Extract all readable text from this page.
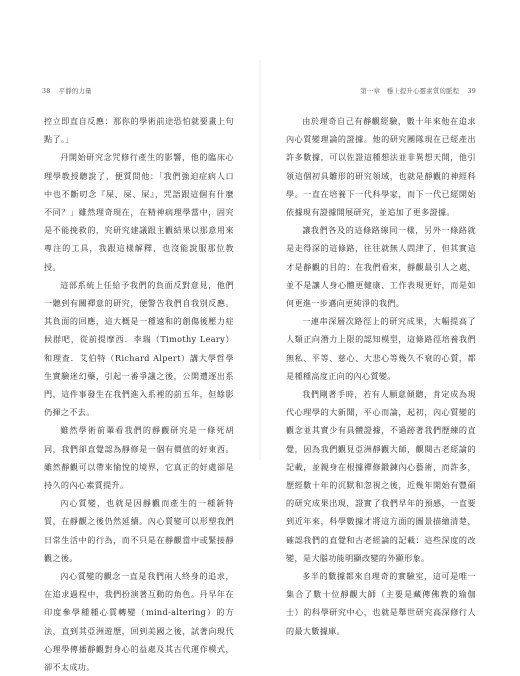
38 平靜的力量

控立即直自反應：那你的學術前途恐怕就要畫上句點了。」

丹開始研究念咒修行產生的影響，他的臨床心理學教授聽說了，便質問他：「我們強迫症病人口中也不斷叨念『屎、屎、屎』，咒語跟這個有什麼不同？」雖然理奇現在，在精神病理學當中，固究是不能挽救的，究研究建議跟主觀結果以那意用來專注的工具，我跟這樣解釋，也沒能說服那位教授。

這部系統上任給予我們的負面反對意見，他們一聽到有關禪意的研究，便警告我們自我別反應。其負面的回應，這大概是一種遠和的創傷後壓力症候群吧，從前提摩西．李瑞（Timothy Leary）和理查．艾伯特（Richard Alpert）講大學哲學生實驗迷幻藥，引起一番爭議之後，公開遭逐出系門，這件事發生在我們進入系裡的前五年，但餘影仍揮之不去。

雖然學術前輩看我們的靜觀研究是一條死胡同，我們卻直覺認為靜修是一個有價值的好東西。雖然靜觀可以帶來愉悅的境界，它真正的好處卻是持久的內心素質提升。

內心質變，也就是因靜觀而產生的一種新特質，在靜觀之後仍然延續。內心質變可以形塑我們日常生活中的行為，而不只是在靜觀當中或緊接靜觀之後。

內心質變的觀念一直是我們兩人終身的追求，在追求過程中，我們扮演著互動的角色。丹早年在印度參學種種心質轉變（mind-altering）的方法，直到其亞洲遊歷，回到美國之後，試著向現代心理學傳播靜觀對身心的益處及其古代運作模式，卻不太成功。

第一章　穩上提升心靈素質的脈程 39

由於理奇自己有靜觀經驗，數十年來他在追求內心質變理論的證據。他的研究團隊現在已經產出許多數據，可以佐證這種想法並非異想天開，他引領這個初具雛形的研究領域，也就是靜觀的神經科學。一直在培養下一代科學家，而下一代已經開始依據現有證據開展研究，並追加了更多證據。

讓我們各及的這條路線同一樣，另外一條路就是走得深的這條路，往往就無人問津了，但其實這才是靜觀的目的：在我們看來，靜觀最引人之處，並不是讓人身心體更健康、工作表現更好，而是如何更進一步邁向更純淨的我們。

一連串深層次路徑上的研究成果，大幅提高了人類正向潛力上限的認知模型，這條路徑培養我們無私、平等、慈心、大悲心等幾久不衰的心質，都是種種高度正向的內心質變。

我們剛著手時，若有人願意傾聽，肯定成為現代心理學的大新聞，平心而論，起初，內心質變的觀念並其實少有具體證據，不過跡著我們歷練的直覺，因為我們觀見亞洲靜觀大師，觀閱古老經論的記載，並親身在根據禪修鍛鍊內心藝術，而許多，歷經數十年的沉默和忽視之後，近幾年開始有豐碩的研究成果出現，證實了我們早年的預感，一直要到近年來，科學數據才將這方面的圖景描繪清楚，確認我們的直覺和古老經論的記載：這些深度的改變，是大腦功能明顯改變的外顯形象。

多半的數據都來自理奇的實驗室，這可是唯一集合了數十位靜觀大師（主要是藏傳佛教的瑜伽士）的科學研究中心，也就是舉世研究高深修行人的最大數據庫。
